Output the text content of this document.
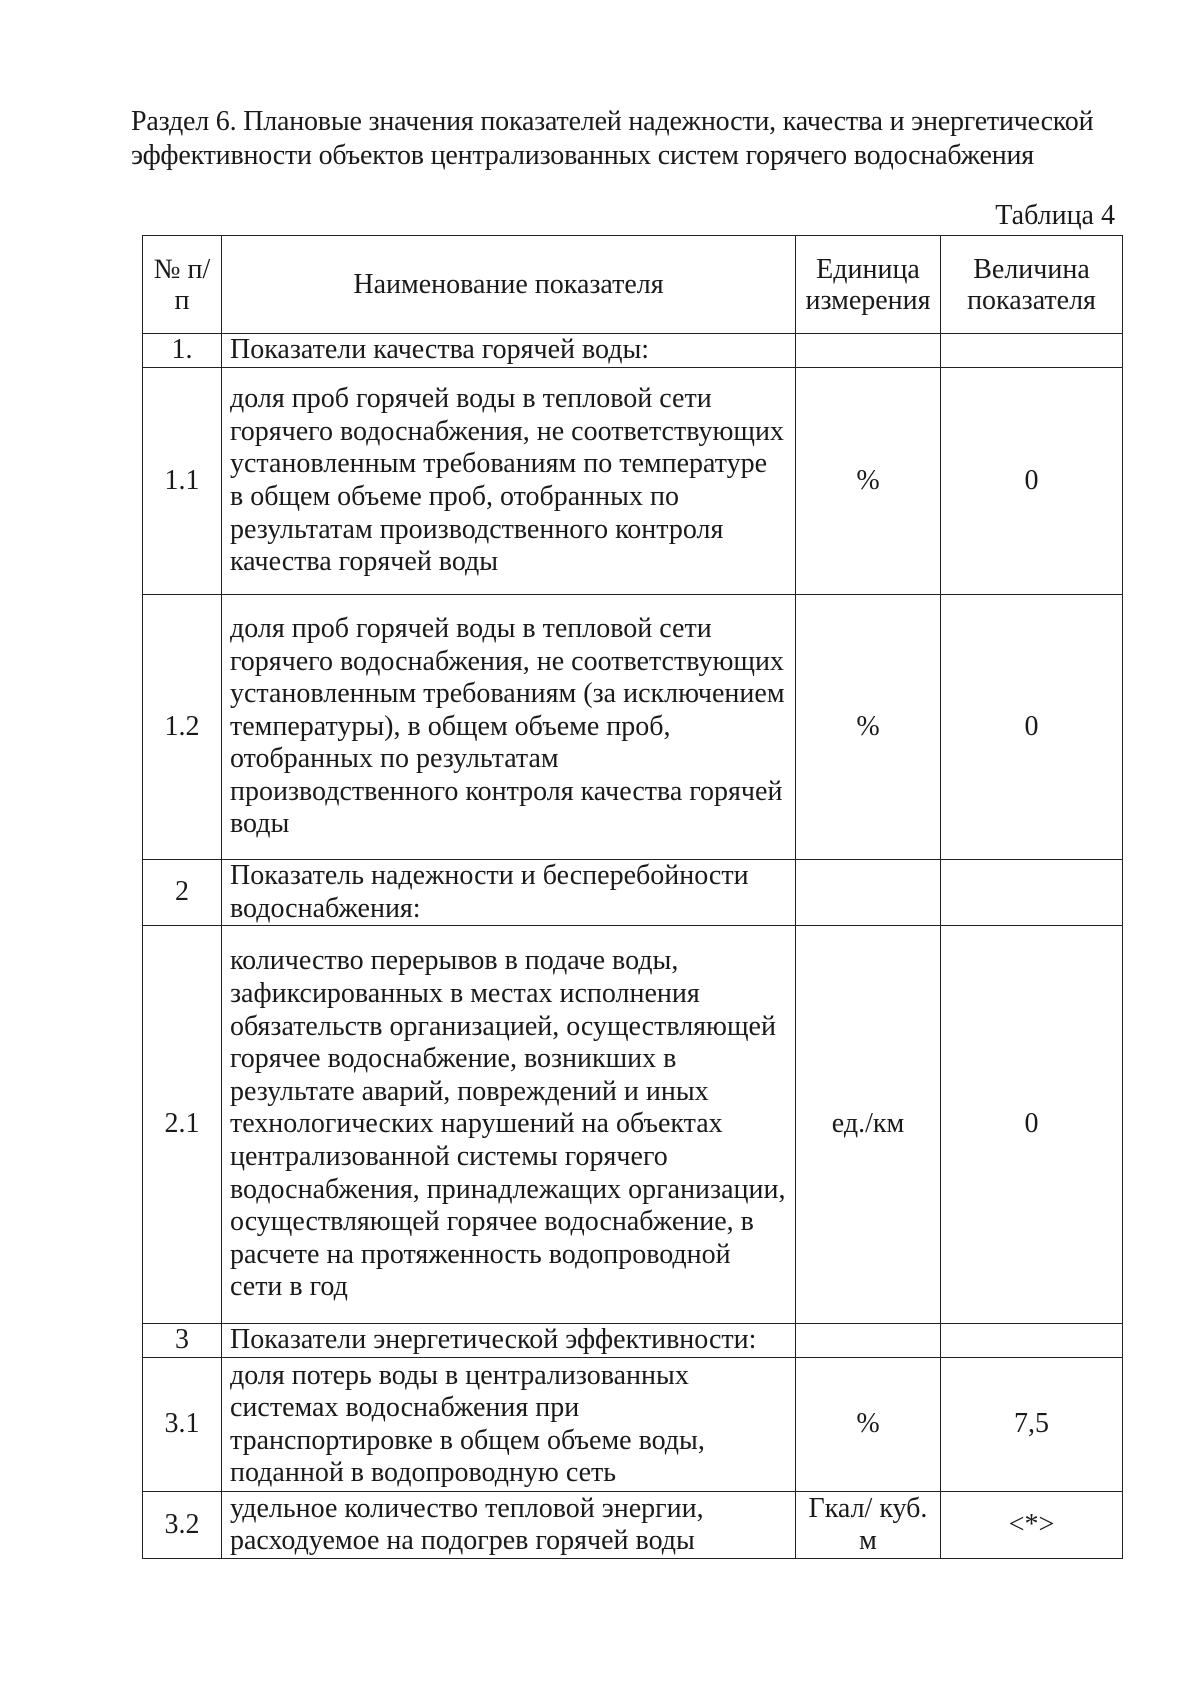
Раздел 6. Плановые значения показателей надежности, качества и энергетической эффективности объектов централизованных систем горячего водоснабжения
Таблица 4
№ п/п	Наименование показателя	Единица измерения	Величина показателя
1.	Показатели качества горячей воды:		
1.1	доля проб горячей воды в тепловой сети горячего водоснабжения, не соответствующих установленным требованиям по температуре в общем объеме проб, отобранных по результатам производственного контроля качества горячей воды	%	0
1.2	доля проб горячей воды в тепловой сети горячего водоснабжения, не соответствующих установленным требованиям (за исключением температуры), в общем объеме проб, отобранных по результатам производственного контроля качества горячей воды	%	0
2	Показатель надежности и бесперебойности водоснабжения:		
2.1	количество перерывов в подаче воды, зафиксированных в местах исполнения обязательств организацией, осуществляющей горячее водоснабжение, возникших в результате аварий, повреждений и иных технологических нарушений на объектах централизованной системы горячего водоснабжения, принадлежащих организации, осуществляющей горячее водоснабжение, в расчете на протяженность водопроводной сети в год	ед./км	0
3	Показатели энергетической эффективности:		
3.1	доля потерь воды в централизованных системах водоснабжения при транспортировке в общем объеме воды, поданной в водопроводную сеть	%	7,5
3.2	удельное количество тепловой энергии, расходуемое на подогрев горячей воды	Гкал/ куб. м	<*>
